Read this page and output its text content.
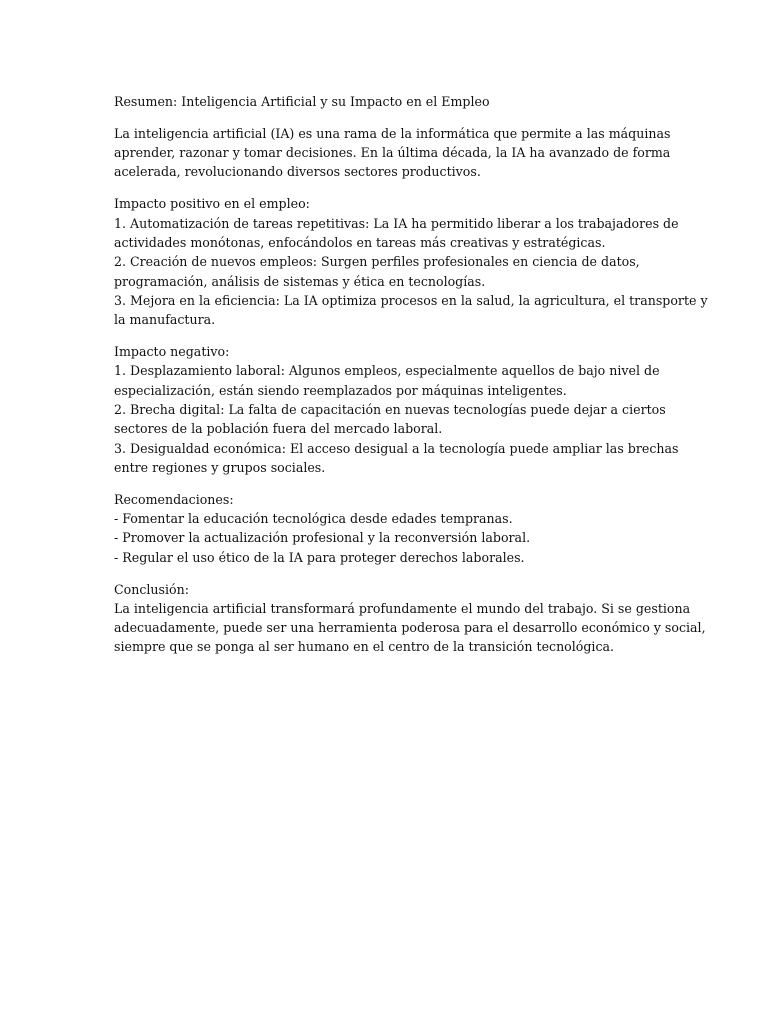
Resumen: Inteligencia Artificial y su Impacto en el Empleo

La inteligencia artificial (IA) es una rama de la informática que permite a las máquinas
aprender, razonar y tomar decisiones. En la última década, la IA ha avanzado de forma
acelerada, revolucionando diversos sectores productivos.

Impacto positivo en el empleo:
1. Automatización de tareas repetitivas: La IA ha permitido liberar a los trabajadores de
actividades monótonas, enfocándolos en tareas más creativas y estratégicas.
2. Creación de nuevos empleos: Surgen perfiles profesionales en ciencia de datos,
programación, análisis de sistemas y ética en tecnologías.
3. Mejora en la eficiencia: La IA optimiza procesos en la salud, la agricultura, el transporte y
la manufactura.

Impacto negativo:
1. Desplazamiento laboral: Algunos empleos, especialmente aquellos de bajo nivel de
especialización, están siendo reemplazados por máquinas inteligentes.
2. Brecha digital: La falta de capacitación en nuevas tecnologías puede dejar a ciertos
sectores de la población fuera del mercado laboral.
3. Desigualdad económica: El acceso desigual a la tecnología puede ampliar las brechas
entre regiones y grupos sociales.

Recomendaciones:
- Fomentar la educación tecnológica desde edades tempranas.
- Promover la actualización profesional y la reconversión laboral.
- Regular el uso ético de la IA para proteger derechos laborales.

Conclusión:
La inteligencia artificial transformará profundamente el mundo del trabajo. Si se gestiona
adecuadamente, puede ser una herramienta poderosa para el desarrollo económico y social,
siempre que se ponga al ser humano en el centro de la transición tecnológica.
